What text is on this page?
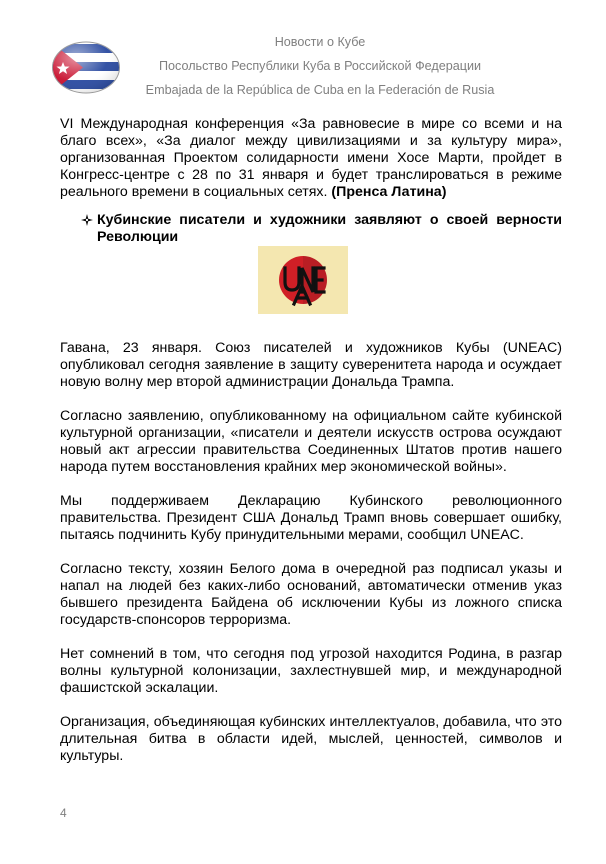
Новости о Кубе
Посольство Республики Куба в Российской Федерации
Embajada de la República de Cuba en la Federación de Rusia

VI Международная конференция «За равновесие в мире со всеми и на благо всех», «За диалог между цивилизациями и за культуру мира», организованная Проектом солидарности имени Хосе Марти, пройдет в Конгресс-центре с 28 по 31 января и будет транслироваться в режиме реального времени в социальных сетях. (Пренса Латина)

Кубинские писатели и художники заявляют о своей верности Революции

Гавана, 23 января. Союз писателей и художников Кубы (UNEAC) опубликовал сегодня заявление в защиту суверенитета народа и осуждает новую волну мер второй администрации Дональда Трампа.

Согласно заявлению, опубликованному на официальном сайте кубинской культурной организации, «писатели и деятели искусств острова осуждают новый акт агрессии правительства Соединенных Штатов против нашего народа путем восстановления крайних мер экономической войны».

Мы поддерживаем Декларацию Кубинского революционного правительства. Президент США Дональд Трамп вновь совершает ошибку, пытаясь подчинить Кубу принудительными мерами, сообщил UNEAC.

Согласно тексту, хозяин Белого дома в очередной раз подписал указы и напал на людей без каких-либо оснований, автоматически отменив указ бывшего президента Байдена об исключении Кубы из ложного списка государств-спонсоров терроризма.

Нет сомнений в том, что сегодня под угрозой находится Родина, в разгар волны культурной колонизации, захлестнувшей мир, и международной фашистской эскалации.

Организация, объединяющая кубинских интеллектуалов, добавила, что это длительная битва в области идей, мыслей, ценностей, символов и культуры.

4
